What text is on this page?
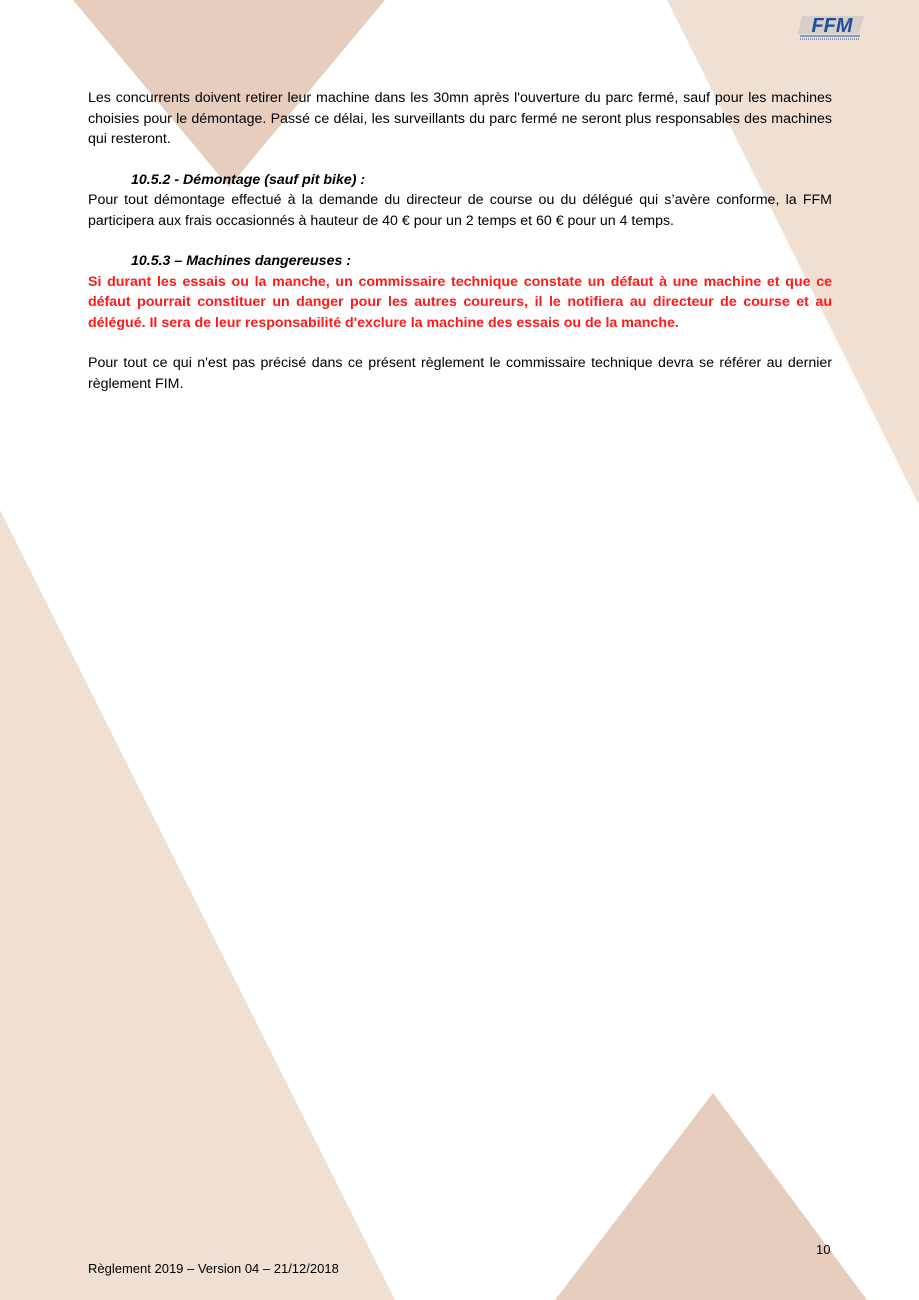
FFM

Les concurrents doivent retirer leur machine dans les 30mn après l'ouverture du parc fermé, sauf pour les machines choisies pour le démontage. Passé ce délai, les surveillants du parc fermé ne seront plus responsables des machines qui resteront.

10.5.2 - Démontage (sauf pit bike) :

Pour tout démontage effectué à la demande du directeur de course ou du délégué qui s’avère conforme, la FFM participera aux frais occasionnés à hauteur de 40 € pour un 2 temps et 60 € pour un 4 temps.

10.5.3 – Machines dangereuses :

Si durant les essais ou la manche, un commissaire technique constate un défaut à une machine et que ce défaut pourrait constituer un danger pour les autres coureurs, il le notifiera au directeur de course et au délégué. Il sera de leur responsabilité d'exclure la machine des essais ou de la manche.

Pour tout ce qui n'est pas précisé dans ce présent règlement le commissaire technique devra se référer au dernier règlement FIM.

10
Règlement 2019 – Version 04 – 21/12/2018
